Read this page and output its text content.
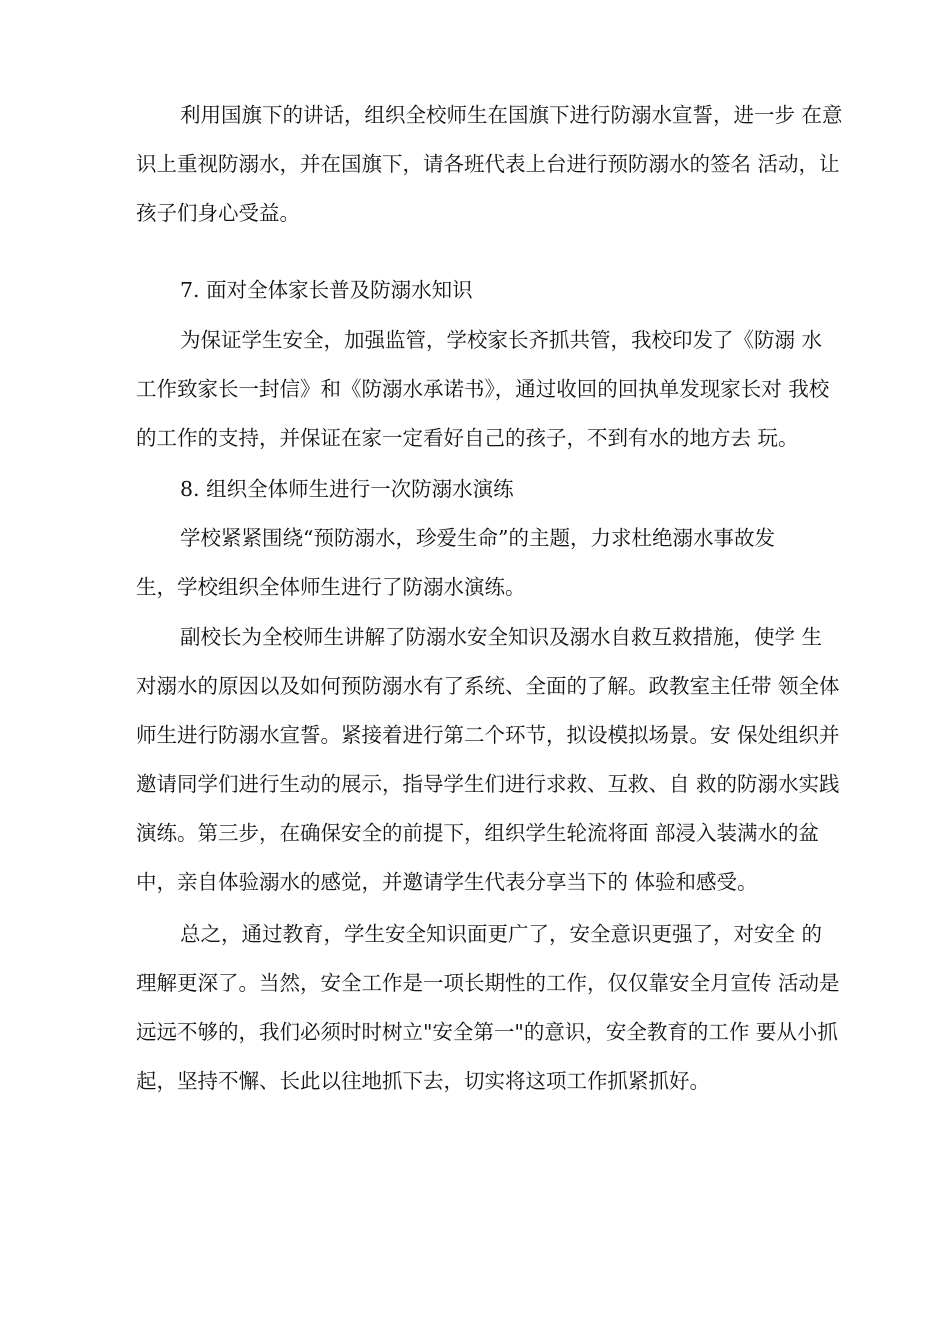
利用国旗下的讲话，组织全校师生在国旗下进行防溺水宣誓，进一步 在意
识上重视防溺水，并在国旗下，请各班代表上台进行预防溺水的签名 活动，让
孩子们身心受益。
7. 面对全体家长普及防溺水知识
为保证学生安全，加强监管，学校家长齐抓共管，我校印发了《防溺 水
工作致家长一封信》和《防溺水承诺书》，通过收回的回执单发现家长对 我校
的工作的支持，并保证在家一定看好自己的孩子，不到有水的地方去 玩。
8. 组织全体师生进行一次防溺水演练
学校紧紧围绕“预防溺水，珍爱生命”的主题，力求杜绝溺水事故发
生，学校组织全体师生进行了防溺水演练。
副校长为全校师生讲解了防溺水安全知识及溺水自救互救措施，使学 生
对溺水的原因以及如何预防溺水有了系统、全面的了解。政教室主任带 领全体
师生进行防溺水宣誓。紧接着进行第二个环节，拟设模拟场景。安 保处组织并
邀请同学们进行生动的展示，指导学生们进行求救、互救、自 救的防溺水实践
演练。第三步，在确保安全的前提下，组织学生轮流将面 部浸入装满水的盆
中，亲自体验溺水的感觉，并邀请学生代表分享当下的 体验和感受。
总之，通过教育，学生安全知识面更广了，安全意识更强了，对安全 的
理解更深了。当然，安全工作是一项长期性的工作，仅仅靠安全月宣传 活动是
远远不够的，我们必须时时树立"安全第一"的意识，安全教育的工作 要从小抓
起，坚持不懈、长此以往地抓下去，切实将这项工作抓紧抓好。
